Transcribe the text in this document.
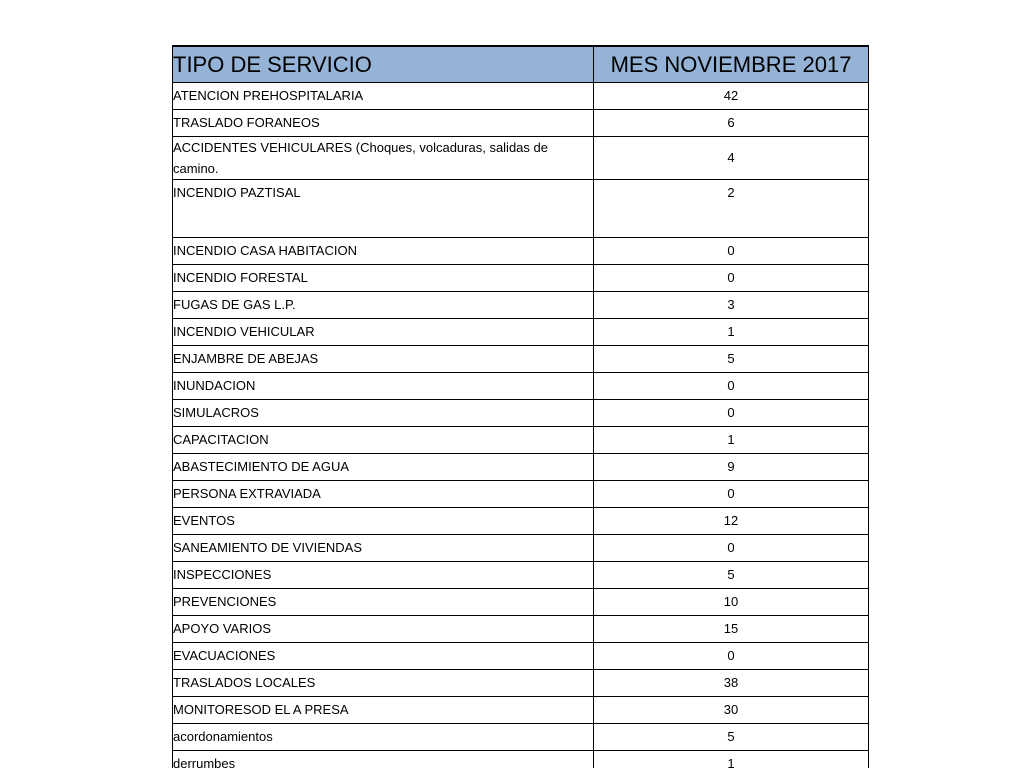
TIPO DE SERVICIO	MES NOVIEMBRE 2017
ATENCION PREHOSPITALARIA	42
TRASLADO FORANEOS	6
ACCIDENTES VEHICULARES (Choques, volcaduras, salidas de camino.	4
INCENDIO PAZTISAL	2
INCENDIO CASA HABITACION	0
INCENDIO FORESTAL	0
FUGAS DE GAS L.P.	3
INCENDIO VEHICULAR	1
ENJAMBRE DE ABEJAS	5
INUNDACION	0
SIMULACROS	0
CAPACITACION	1
ABASTECIMIENTO DE AGUA	9
PERSONA EXTRAVIADA	0
EVENTOS	12
SANEAMIENTO DE VIVIENDAS	0
INSPECCIONES	5
PREVENCIONES	10
APOYO VARIOS	15
EVACUACIONES	0
TRASLADOS LOCALES	38
MONITORESOD EL A PRESA	30
acordonamientos	5
derrumbes	1
